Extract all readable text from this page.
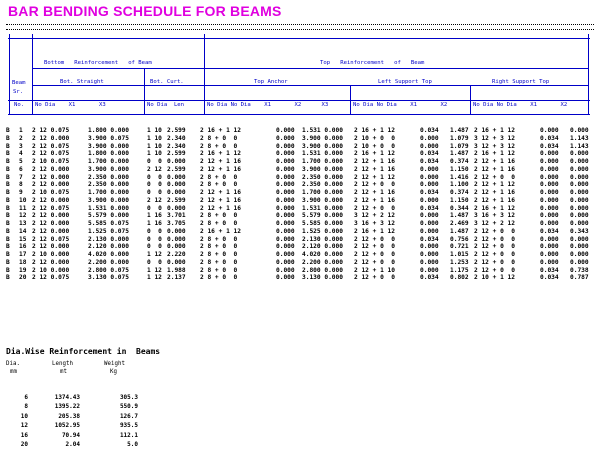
BAR BENDING SCHEDULE FOR BEAMS
Bottom   Reinforcement   of Beam	Top   Reinforcement   of   Beam
Beam
Sr.
No.
Bot. Straight	Bot. Curt.	Top Anchor	Left Support Top	Right Support Top
No Dia    X1       X3	No Dia  Len	No Dia No Dia    X1       X2      X3	No Dia No Dia    X1       X2	No Dia No Dia    X1       X2
B 1 2 12 0.075	1.800 0.000	1 10 2.599 2 16 + 1 12	0.000 1.531 0.000 2 16 + 1 12	0.034 1.487 2 16 + 1 12	0.000 0.000
B 2 2 12 0.000	3.900 0.075	1 10 2.340 2 8 + 0  0	0.000 3.900 0.000 2 10 + 0  0	0.000 1.079 3 12 + 3 12	0.034 1.143
B 3 2 12 0.075	3.900 0.000	1 10 2.340 2 8 + 0  0	0.000 3.900 0.000 2 10 + 0  0	0.000 1.079 3 12 + 3 12	0.034 1.143
B 4 2 12 0.075	1.800 0.000	1 10 2.599 2 16 + 1 12	0.000 1.531 0.000 2 16 + 1 12	0.034 1.487 2 16 + 1 12	0.000 0.000
B 5 2 10 0.075	1.700 0.000	0  0 0.000 2 12 + 1 16	0.000 1.700 0.000 2 12 + 1 16	0.034 0.374 2 12 + 1 16	0.000 0.000
B 6 2 12 0.000	3.900 0.000	2 12 2.599 2 12 + 1 16	0.000 3.900 0.000 2 12 + 1 16	0.000 1.150 2 12 + 1 16	0.000 0.000
B 7 2 12 0.000	2.350 0.000	0  0 0.000 2 8 + 0  0	0.000 2.350 0.000 2 12 + 1 12	0.000 1.416 2 12 + 0  0	0.000 0.000
B 8 2 12 0.000	2.350 0.000	0  0 0.000 2 8 + 0  0	0.000 2.350 0.000 2 12 + 0  0	0.000 1.100 2 12 + 1 12	0.000 0.000
B 9 2 10 0.075	1.700 0.000	0  0 0.000 2 12 + 1 16	0.000 1.700 0.000 2 12 + 1 16	0.034 0.374 2 12 + 1 16	0.000 0.000
B 10 2 12 0.000	3.900 0.000	2 12 2.599 2 12 + 1 16	0.000 3.900 0.000 2 12 + 1 16	0.000 1.150 2 12 + 1 16	0.000 0.000
B 11 2 12 0.075	1.531 0.000	0  0 0.000 2 12 + 1 16	0.000 1.531 0.000 2 12 + 0  0	0.034 0.344 2 16 + 1 12	0.000 0.000
B 12 2 12 0.000	5.579 0.000	1 16 3.701 2 8 + 0  0	0.000 5.579 0.000 3 12 + 2 12	0.000 1.487 3 16 + 3 12	0.000 0.000
B 13 2 12 0.000	5.585 0.075	1 16 3.705 2 8 + 0  0	0.000 5.585 0.000 3 16 + 3 12	0.000 2.469 3 12 + 2 12	0.000 0.000
B 14 2 12 0.000	1.525 0.075	0  0 0.000 2 16 + 1 12	0.000 1.525 0.000 2 16 + 1 12	0.000 1.487 2 12 + 0  0	0.034 0.343
B 15 2 12 0.075	2.130 0.000	0  0 0.000 2 8 + 0  0	0.000 2.130 0.000 2 12 + 0  0	0.034 0.756 2 12 + 0  0	0.000 0.000
B 16 2 12 0.000	2.120 0.000	0  0 0.000 2 8 + 0  0	0.000 2.120 0.000 2 12 + 0  0	0.000 0.721 2 12 + 0  0	0.000 0.000
B 17 2 10 0.000	4.020 0.000	1 12 2.220 2 8 + 0  0	0.000 4.020 0.000 2 12 + 0  0	0.000 1.015 2 12 + 0  0	0.000 0.000
B 18 2 12 0.000	2.200 0.000	0  0 0.000 2 8 + 0  0	0.000 2.200 0.000 2 12 + 0  0	0.000 1.253 2 12 + 0  0	0.000 0.000
B 19 2 10 0.000	2.800 0.075	1 12 1.988 2 8 + 0  0	0.000 2.800 0.000 2 12 + 1 10	0.000 1.175 2 12 + 0  0	0.034 0.738
B 20 2 12 0.075	3.130 0.075	1 12 2.137 2 8 + 0  0	0.000 3.130 0.000 2 12 + 0  0	0.034 0.802 2 10 + 1 12	0.034 0.787
Dia.Wise Reinforcement in  Beams
Dia.
mm
Length
mt
Weight
Kg
6	1374.43	305.3
8	1395.22	550.9
10	205.38	126.7
12	1052.95	935.5
16	70.94	112.1
20	2.04	5.0
